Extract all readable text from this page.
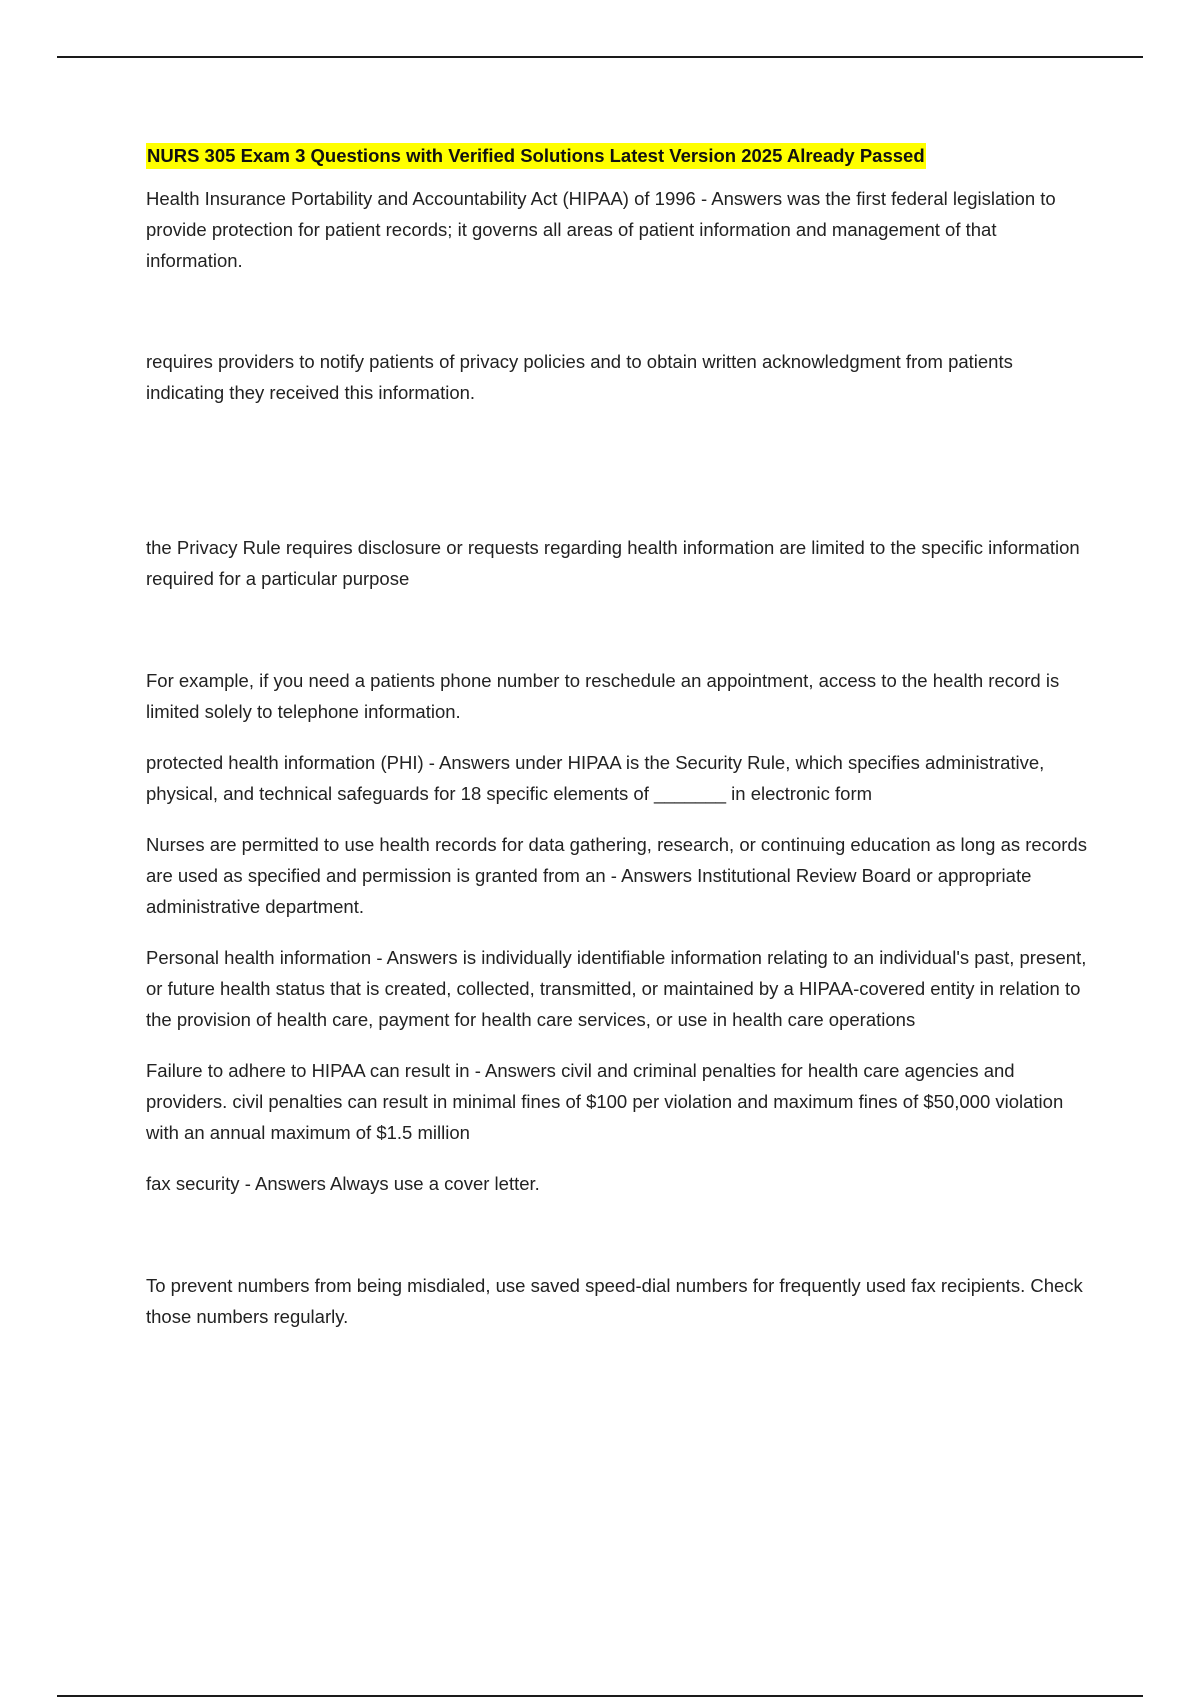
NURS 305 Exam 3 Questions with Verified Solutions Latest Version 2025 Already Passed

Health Insurance Portability and Accountability Act (HIPAA) of 1996 - Answers was the first federal legislation to provide protection for patient records; it governs all areas of patient information and management of that information.

requires providers to notify patients of privacy policies and to obtain written acknowledgment from patients indicating they received this information.

the Privacy Rule requires disclosure or requests regarding health information are limited to the specific information required for a particular purpose

For example, if you need a patients phone number to reschedule an appointment, access to the health record is limited solely to telephone information.

protected health information (PHI) - Answers under HIPAA is the Security Rule, which specifies administrative, physical, and technical safeguards for 18 specific elements of _______ in electronic form

Nurses are permitted to use health records for data gathering, research, or continuing education as long as records are used as specified and permission is granted from an - Answers Institutional Review Board or appropriate administrative department.

Personal health information - Answers is individually identifiable information relating to an individual's past, present, or future health status that is created, collected, transmitted, or maintained by a HIPAA-covered entity in relation to the provision of health care, payment for health care services, or use in health care operations

Failure to adhere to HIPAA can result in - Answers civil and criminal penalties for health care agencies and providers. civil penalties can result in minimal fines of $100 per violation and maximum fines of $50,000 violation with an annual maximum of $1.5 million

fax security - Answers Always use a cover letter.

To prevent numbers from being misdialed, use saved speed-dial numbers for frequently used fax recipients. Check those numbers regularly.
